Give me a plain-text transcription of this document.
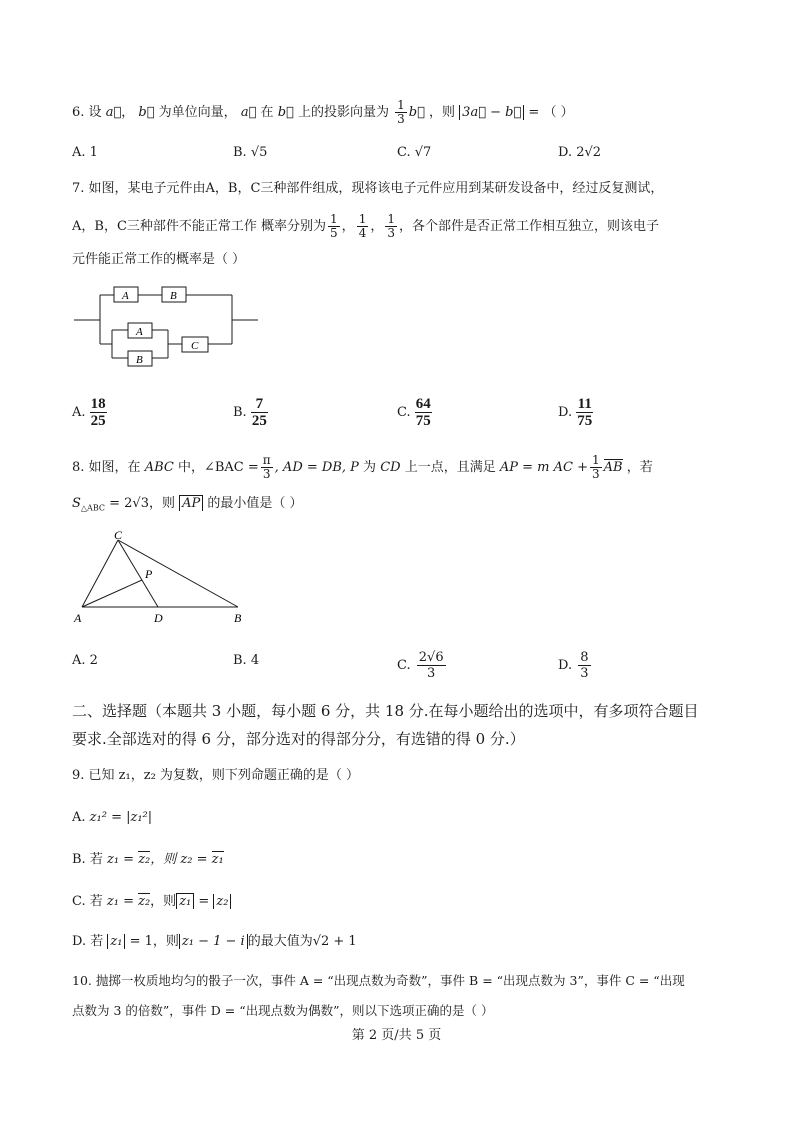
6. 设 a⃗， b⃗ 为单位向量， a⃗ 在 b⃗ 上的投影向量为 $\frac{1}{3}$ b⃗ ，则 3a⃗ − b⃗ = （ ）
A. 1	B. √5	C. √7	D. 2√2
7. 如图，某电子元件由A，B，C三种部件组成，现将该电子元件应用到某研发设备中，经过反复测试，
A，B，C三种部件不能正常工作 概率分别为 $\frac{1}{5}$ ， $\frac{1}{4}$ ， $\frac{1}{3}$ ，各个部件是否正常工作相互独立，则该电子
元件能正常工作的概率是（ ）
A	B
A
B
C
A. $\frac{18}{25}$	B. $\frac{7}{25}$	C. $\frac{64}{75}$	D. $\frac{11}{75}$
8. 如图，在 ABC 中，∠BAC = $\frac{\pi}{3}$ , AD = DB, P 为 CD 上一点，且满足 AP = m AC + $\frac{1}{3}$ AB ，若
$S_{\triangle ABC} = 2√3$，则 AP 的最小值是（ ）
C
P
A	D	B
A. 2	B. 4	C. $\frac{2√6}{3}$	D. $\frac{8}{3}$
二、选择题（本题共 3 小题，每小题 6 分，共 18 分.在每小题给出的选项中，有多项符合题目
要求.全部选对的得 6 分，部分选对的得部分分，有选错的得 0 分.）
9. 已知 z₁，z₂ 为复数，则下列命题正确的是（ ）
A. z₁² = |z₁²|
B. 若 z₁ = z₂，则 z₂ = z₁
C. 若 z₁ = z₂，则 z₁ = z₂
D. 若 z₁ = 1，则 z₁ − 1 − i 的最大值为√2 + 1
10. 抛掷一枚质地均匀的骰子一次，事件 A = “出现点数为奇数”，事件 B = “出现点数为 3”，事件 C = “出现
点数为 3 的倍数”，事件 D = “出现点数为偶数”，则以下选项正确的是（ ）
第 2 页/共 5 页
